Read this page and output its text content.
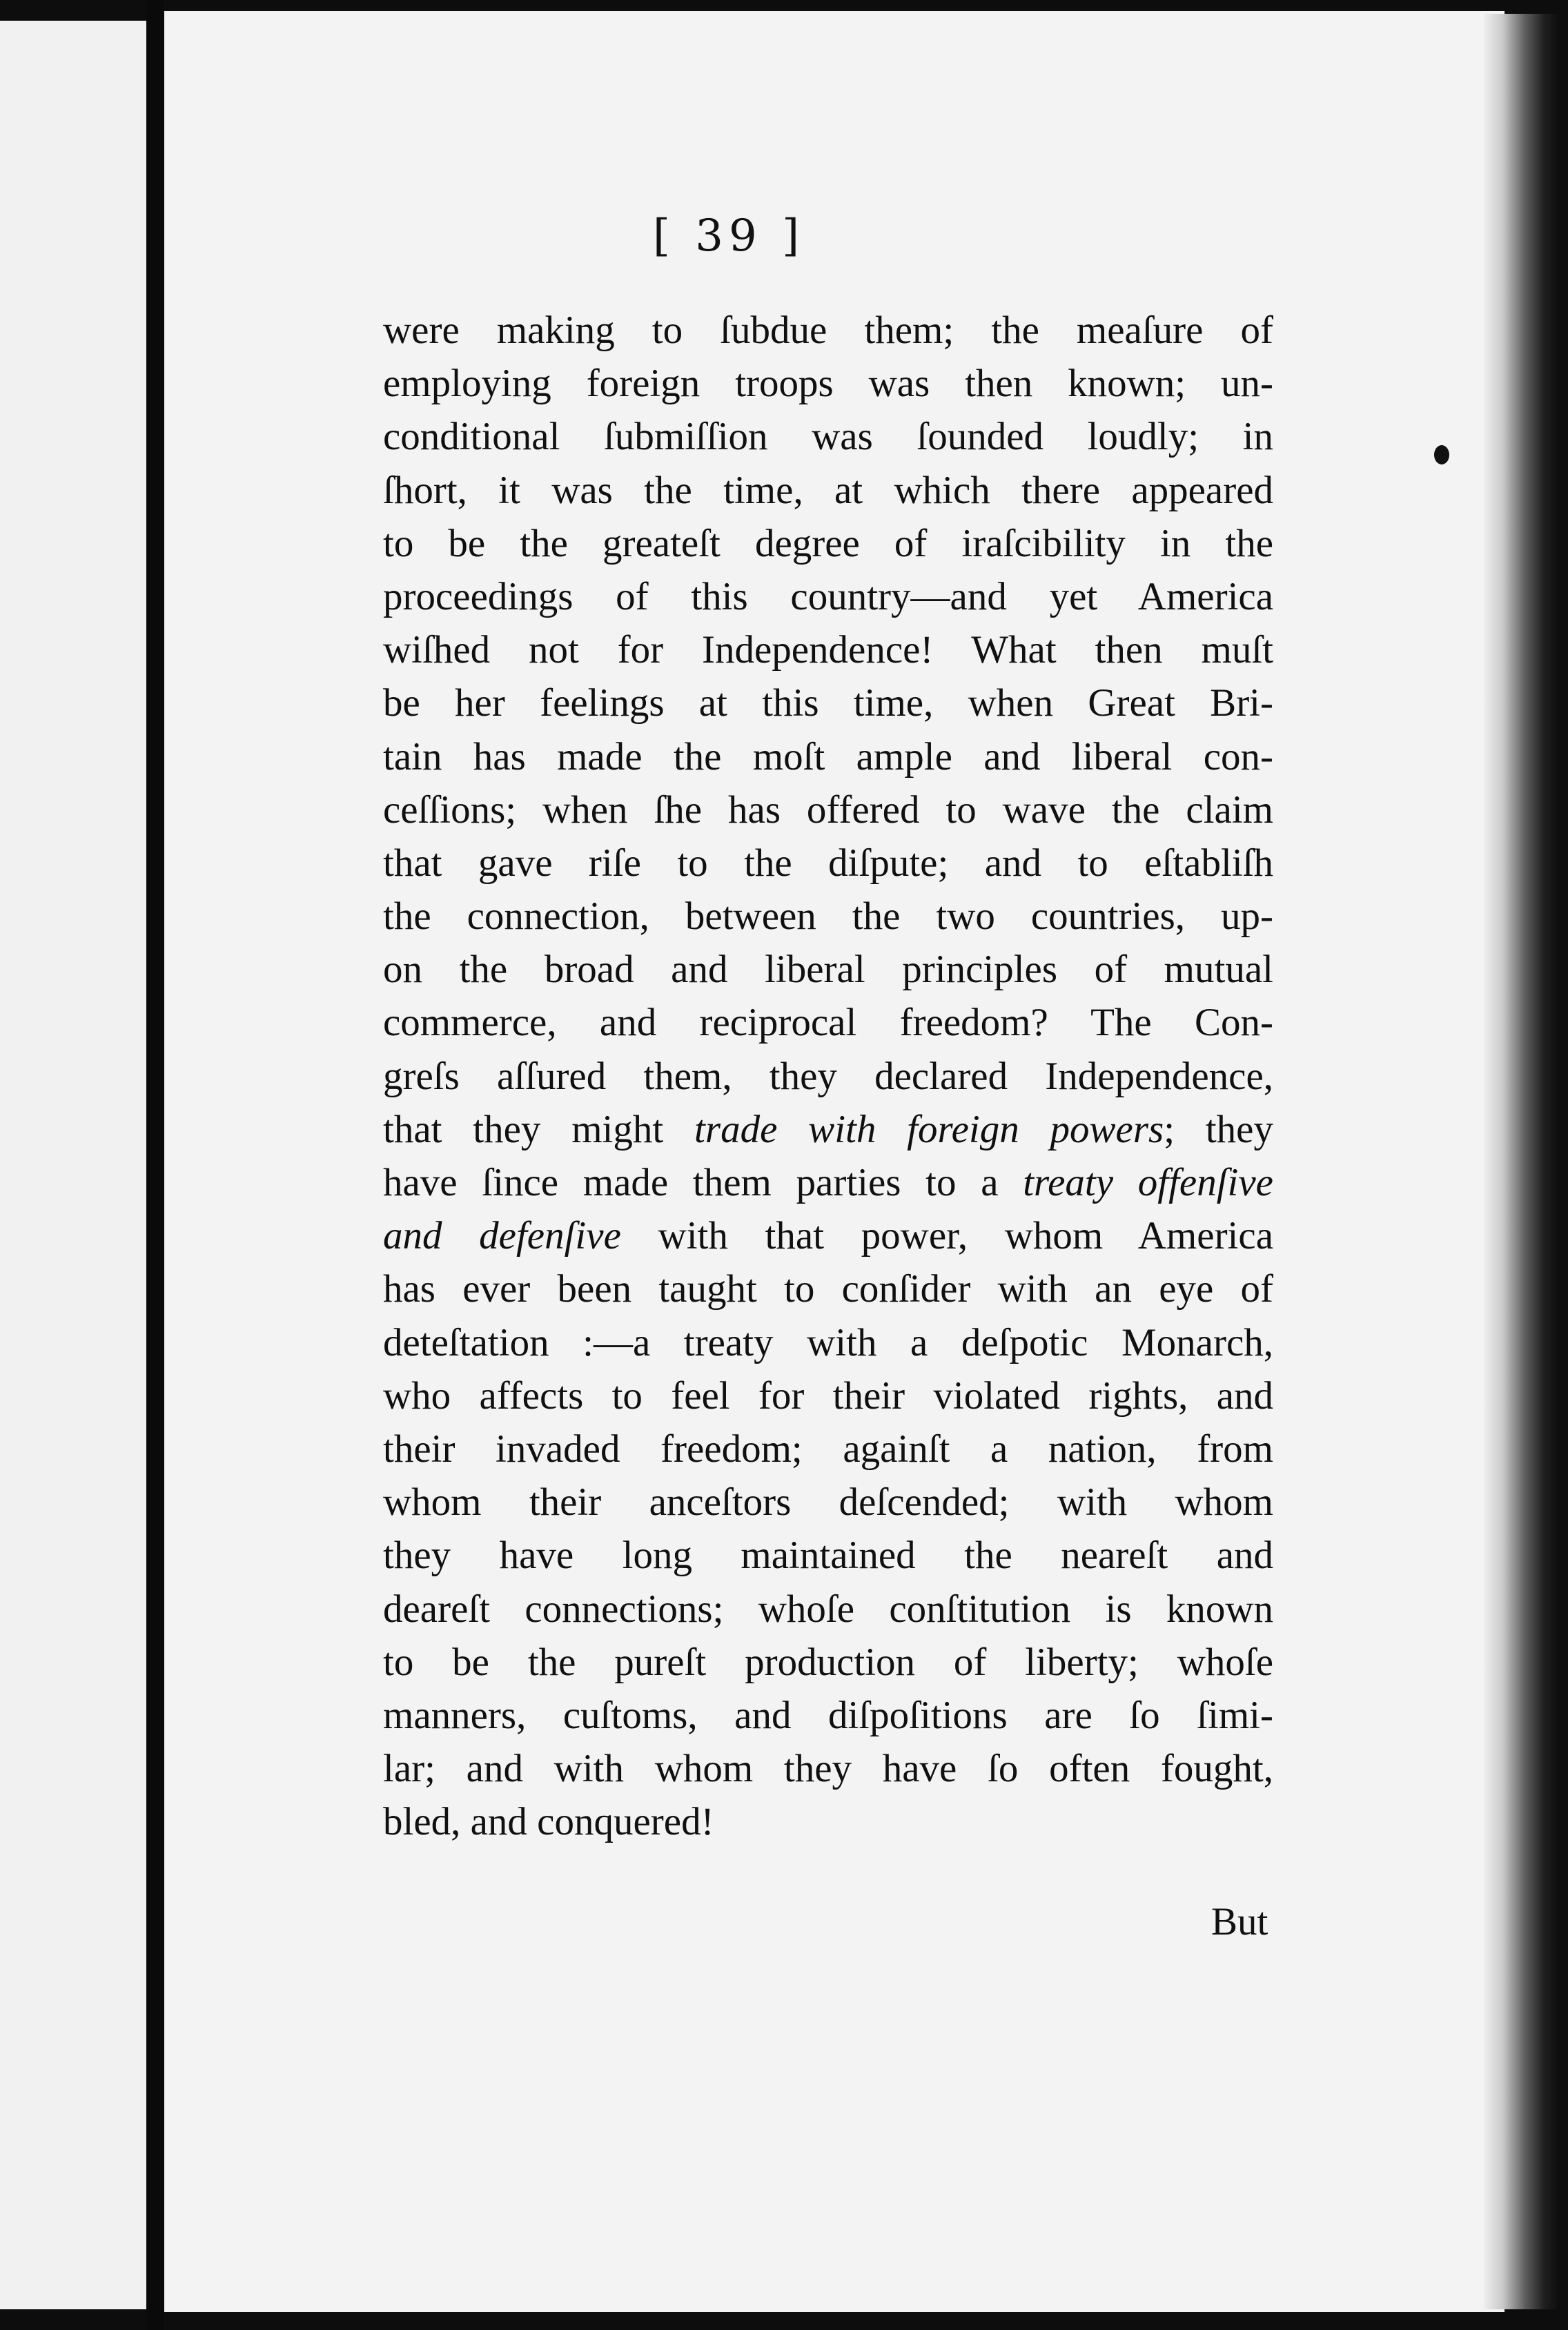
[ 39 ]
were making to ſubdue them; the meaſure of
employing foreign troops was then known; un-
conditional ſubmiſſion was ſounded loudly; in
ſhort, it was the time, at which there appeared
to be the greateſt degree of iraſcibility in the
proceedings of this country—and yet America
wiſhed not for Independence! What then muſt
be her feelings at this time, when Great Bri-
tain has made the moſt ample and liberal con-
ceſſions; when ſhe has offered to wave the claim
that gave riſe to the diſpute; and to eſtabliſh
the connection, between the two countries, up-
on the broad and liberal principles of mutual
commerce, and reciprocal freedom? The Con-
greſs aſſured them, they declared Independence,
that they might trade with foreign powers; they
have ſince made them parties to a treaty offenſive
and defenſive with that power, whom America
has ever been taught to conſider with an eye of
deteſtation :—a treaty with a deſpotic Monarch,
who affects to feel for their violated rights, and
their invaded freedom; againſt a nation, from
whom their anceſtors deſcended; with whom
they have long maintained the neareſt and
deareſt connections; whoſe conſtitution is known
to be the pureſt production of liberty; whoſe
manners, cuſtoms, and diſpoſitions are ſo ſimi-
lar; and with whom they have ſo often fought,
bled, and conquered!
But
